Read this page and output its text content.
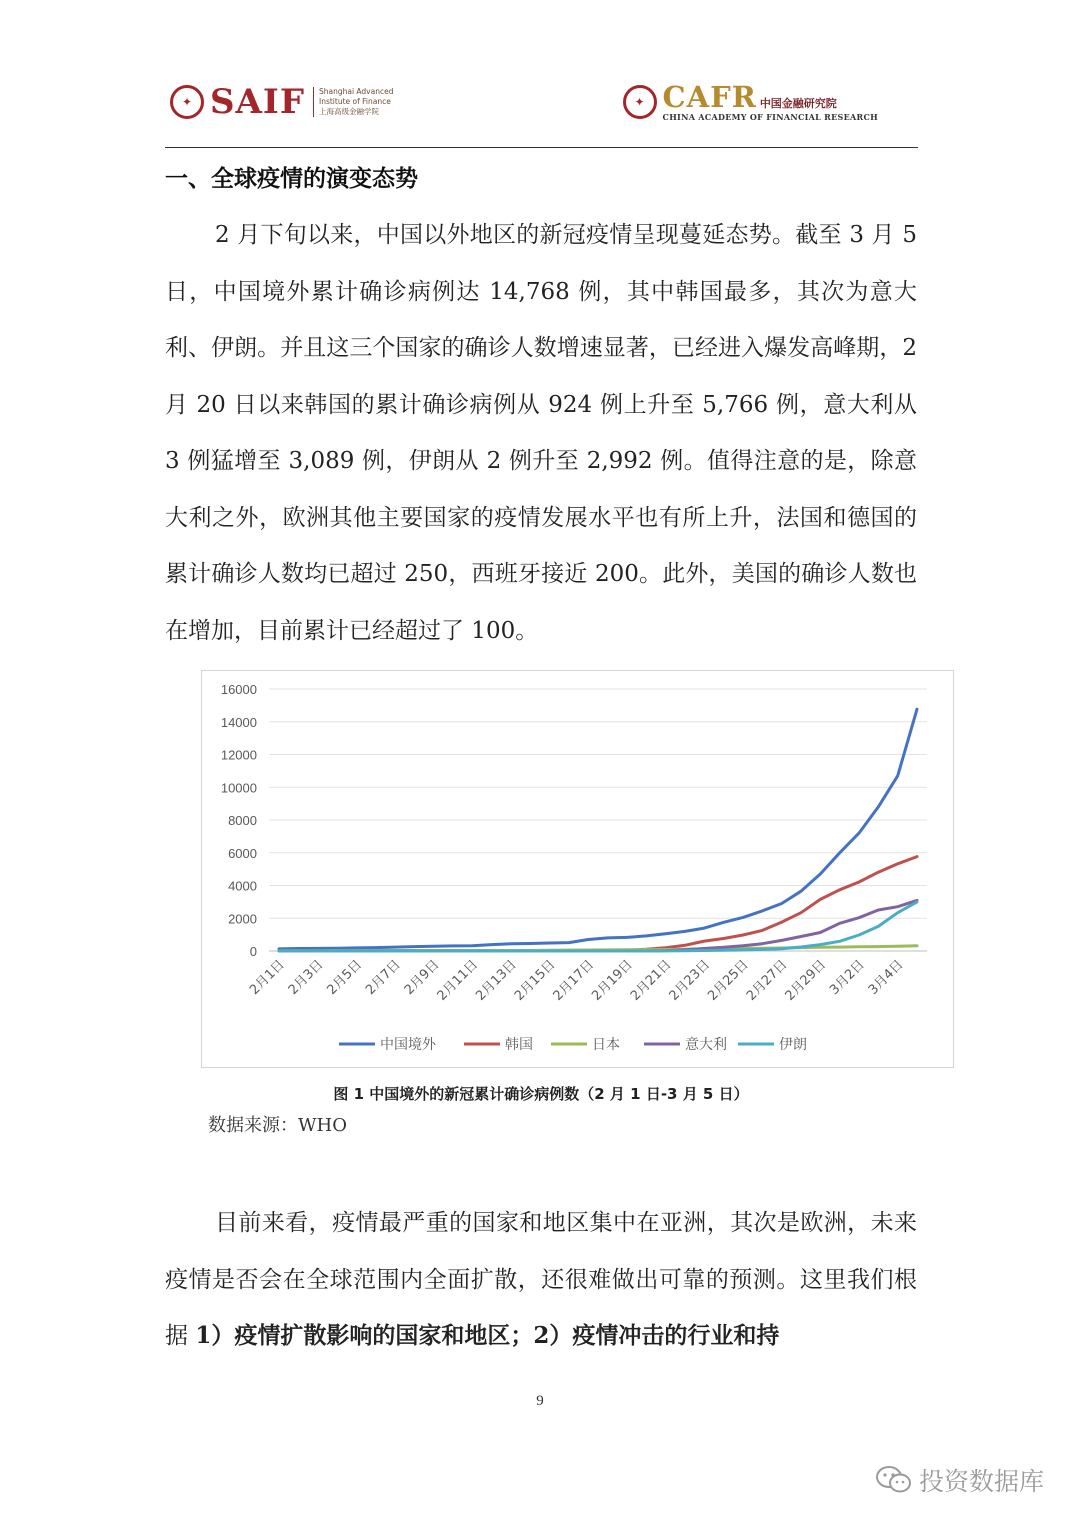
✦ SAIF Shanghai Advanced
Institute of Finance
上海高级金融学院
✦ CAFR 中国金融研究院
CHINA ACADEMY OF FINANCIAL RESEARCH
一、全球疫情的演变态势

2 月下旬以来，中国以外地区的新冠疫情呈现蔓延态势。截至 3 月 5 日，中国境外累计确诊病例达 14,768 例，其中韩国最多，其次为意大利、伊朗。并且这三个国家的确诊人数增速显著，已经进入爆发高峰期，2 月 20 日以来韩国的累计确诊病例从 924 例上升至 5,766 例，意大利从 3 例猛增至 3,089 例，伊朗从 2 例升至 2,992 例。值得注意的是，除意大利之外，欧洲其他主要国家的疫情发展水平也有所上升，法国和德国的累计确诊人数均已超过 250，西班牙接近 200。此外，美国的确诊人数也在增加，目前累计已经超过了 100。

0
2000
4000
6000
8000
10000
12000
14000
16000
2月1日
2月3日
2月5日
2月7日
2月9日
2月11日
2月13日
2月15日
2月17日
2月19日
2月21日
2月23日
2月25日
2月27日
2月29日
3月2日
3月4日
中国境外	韩国	日本	意大利	伊朗
图 1 中国境外的新冠累计确诊病例数（2 月 1 日-3 月 5 日）
数据来源：WHO

目前来看，疫情最严重的国家和地区集中在亚洲，其次是欧洲，未来疫情是否会在全球范围内全面扩散，还很难做出可靠的预测。这里我们根据 1）疫情扩散影响的国家和地区；2）疫情冲击的行业和持

9
投资数据库
